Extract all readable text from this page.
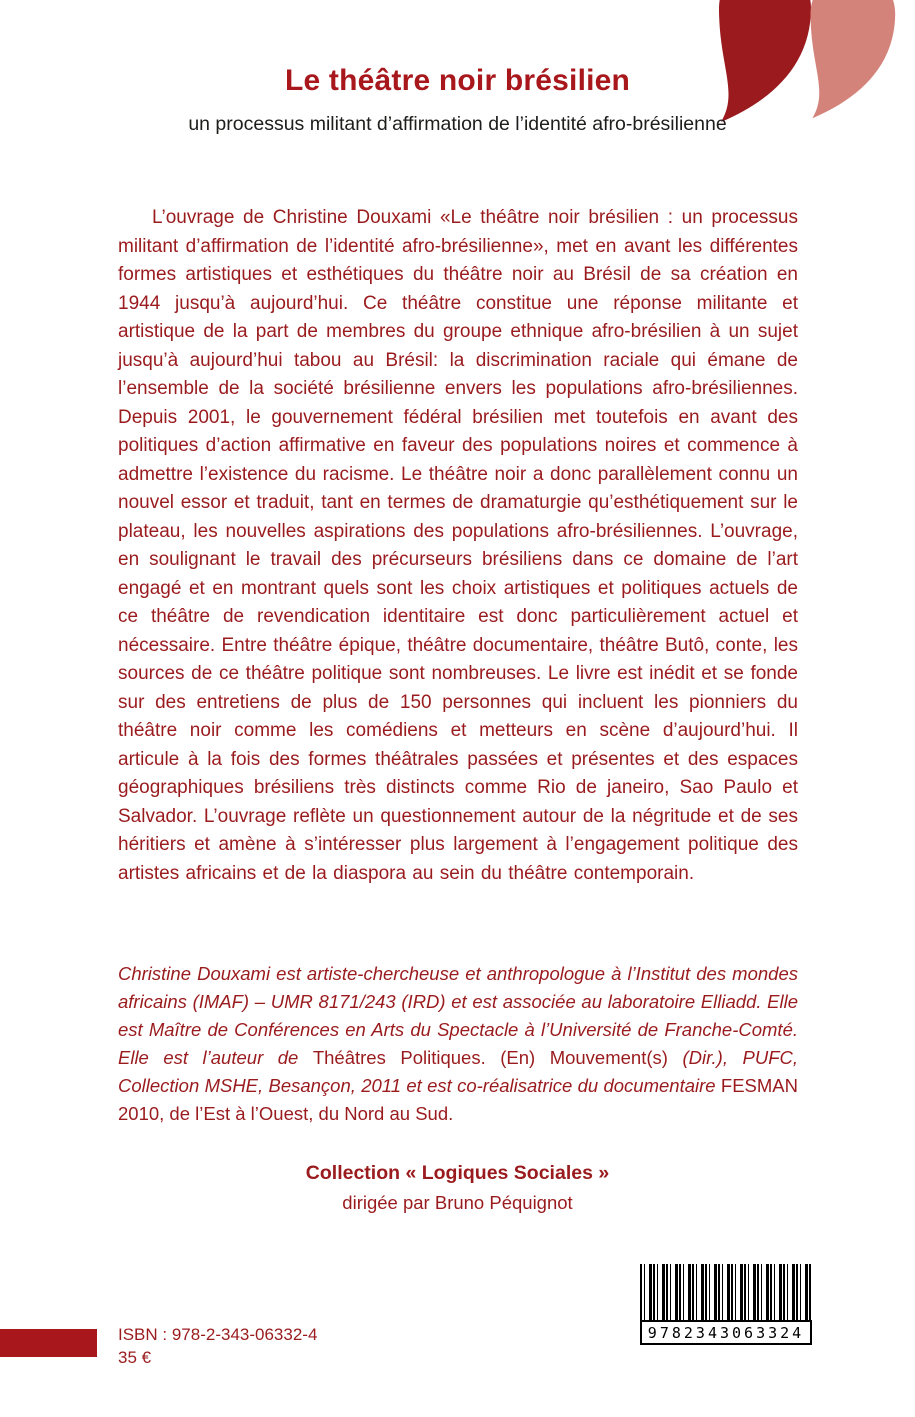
Le théâtre noir brésilien
un processus militant d’affirmation de l’identité afro-brésilienne

L’ouvrage de Christine Douxami «Le théâtre noir brésilien : un processus militant d’affirmation de l’identité afro-brésilienne», met en avant les différentes formes artistiques et esthétiques du théâtre noir au Brésil de sa création en 1944 jusqu’à aujourd’hui. Ce théâtre constitue une réponse militante et artistique de la part de membres du groupe ethnique afro-brésilien à un sujet jusqu’à aujourd’hui tabou au Brésil: la discrimination raciale qui émane de l’ensemble de la société brésilienne envers les populations afro-brésiliennes. Depuis 2001, le gouvernement fédéral brésilien met toutefois en avant des politiques d’action affirmative en faveur des populations noires et commence à admettre l’existence du racisme. Le théâtre noir a donc parallèlement connu un nouvel essor et traduit, tant en termes de dramaturgie qu’esthétiquement sur le plateau, les nouvelles aspirations des populations afro-brésiliennes. L’ouvrage, en soulignant le travail des précurseurs brésiliens dans ce domaine de l’art engagé et en montrant quels sont les choix artistiques et politiques actuels de ce théâtre de revendication identitaire est donc particulièrement actuel et nécessaire. Entre théâtre épique, théâtre documentaire, théâtre Butô, conte, les sources de ce théâtre politique sont nombreuses. Le livre est inédit et se fonde sur des entretiens de plus de 150 personnes qui incluent les pionniers du théâtre noir comme les comédiens et metteurs en scène d’aujourd’hui. Il articule à la fois des formes théâtrales passées et présentes et des espaces géographiques brésiliens très distincts comme Rio de janeiro, Sao Paulo et Salvador. L’ouvrage reflète un questionnement autour de la négritude et de ses héritiers et amène à s’intéresser plus largement à l’engagement politique des artistes africains et de la diaspora au sein du théâtre contemporain.

Christine Douxami est artiste-chercheuse et anthropologue à l’Institut des mondes africains (IMAF) – UMR 8171/243 (IRD) et est associée au laboratoire Elliadd. Elle est Maître de Conférences en Arts du Spectacle à l’Université de Franche-Comté. Elle est l’auteur de Théâtres Politiques. (En) Mouvement(s) (Dir.), PUFC, Collection MSHE, Besançon, 2011 et est co-réalisatrice du documentaire FESMAN 2010, de l’Est à l’Ouest, du Nord au Sud.

Collection « Logiques Sociales »
dirigée par Bruno Péquignot
ISBN : 978-2-343-06332-4
35 €
9782343063324
